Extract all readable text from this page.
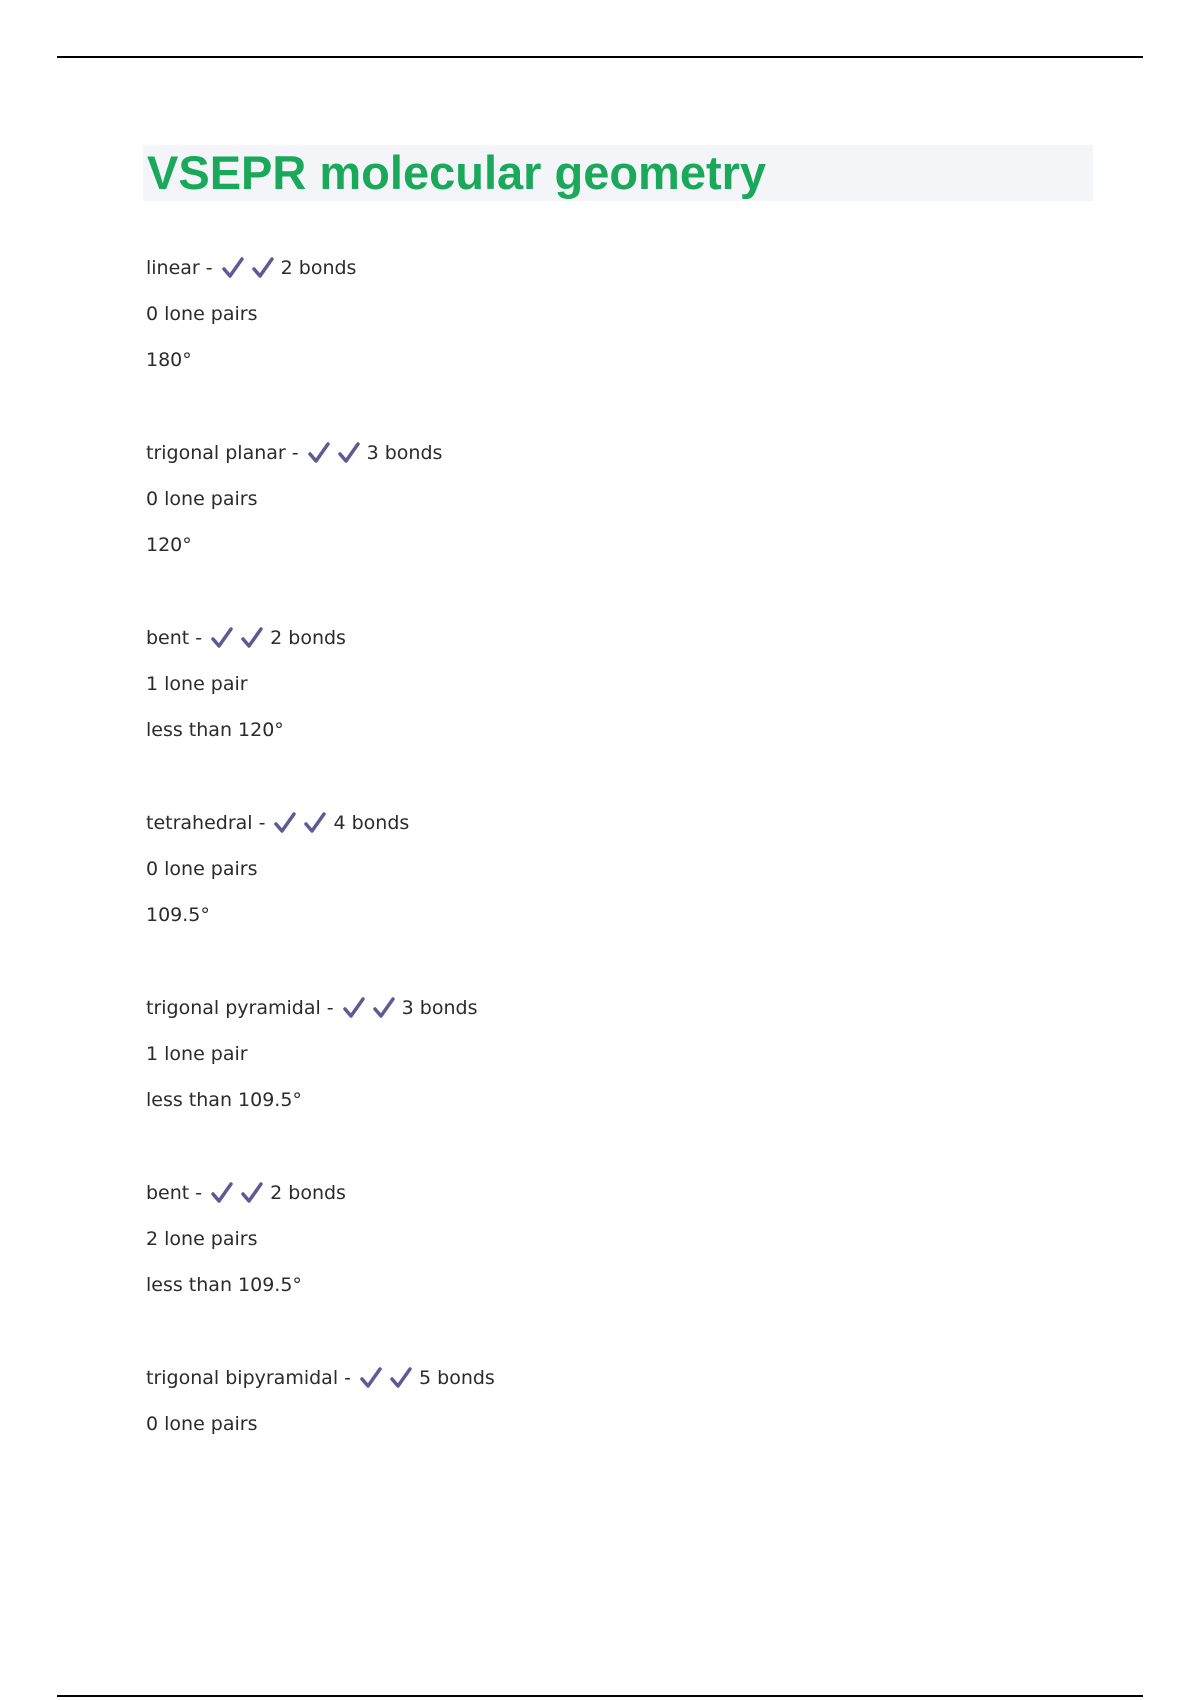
VSEPR molecular geometry
linear -	2 bonds
0 lone pairs
180°
trigonal planar -	3 bonds
0 lone pairs
120°
bent -	2 bonds
1 lone pair
less than 120°
tetrahedral -	4 bonds
0 lone pairs
109.5°
trigonal pyramidal -	3 bonds
1 lone pair
less than 109.5°
bent -	2 bonds
2 lone pairs
less than 109.5°
trigonal bipyramidal -	5 bonds
0 lone pairs
